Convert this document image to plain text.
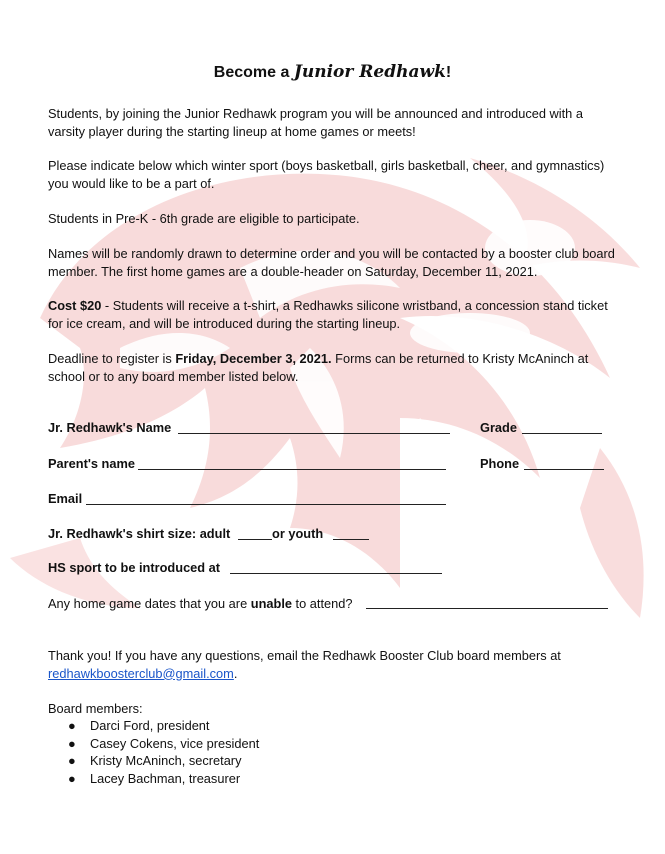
Become a Junior Redhawk!

Students, by joining the Junior Redhawk program you will be announced and introduced with a varsity player during the starting lineup at home games or meets!

Please indicate below which winter sport (boys basketball, girls basketball, cheer, and gymnastics) you would like to be a part of.

Students in Pre-K - 6th grade are eligible to participate.

Names will be randomly drawn to determine order and you will be contacted by a booster club board member. The first home games are a double-header on Saturday, December 11, 2021.

Cost $20 - Students will receive a t-shirt, a Redhawks silicone wristband, a concession stand ticket for ice cream, and will be introduced during the starting lineup.

Deadline to register is Friday, December 3, 2021. Forms can be returned to Kristy McAninch at school or to any board member listed below.

Jr. Redhawk's Name	Grade
Parent's name	Phone
Email
Jr. Redhawk's shirt size: adult	or youth
HS sport to be introduced at
Any home game dates that you are unable to attend?

Thank you! If you have any questions, email the Redhawk Booster Club board members at
redhawkboosterclub@gmail.com.

Board members:

● Darci Ford, president
● Casey Cokens, vice president
● Kristy McAninch, secretary
● Lacey Bachman, treasurer
